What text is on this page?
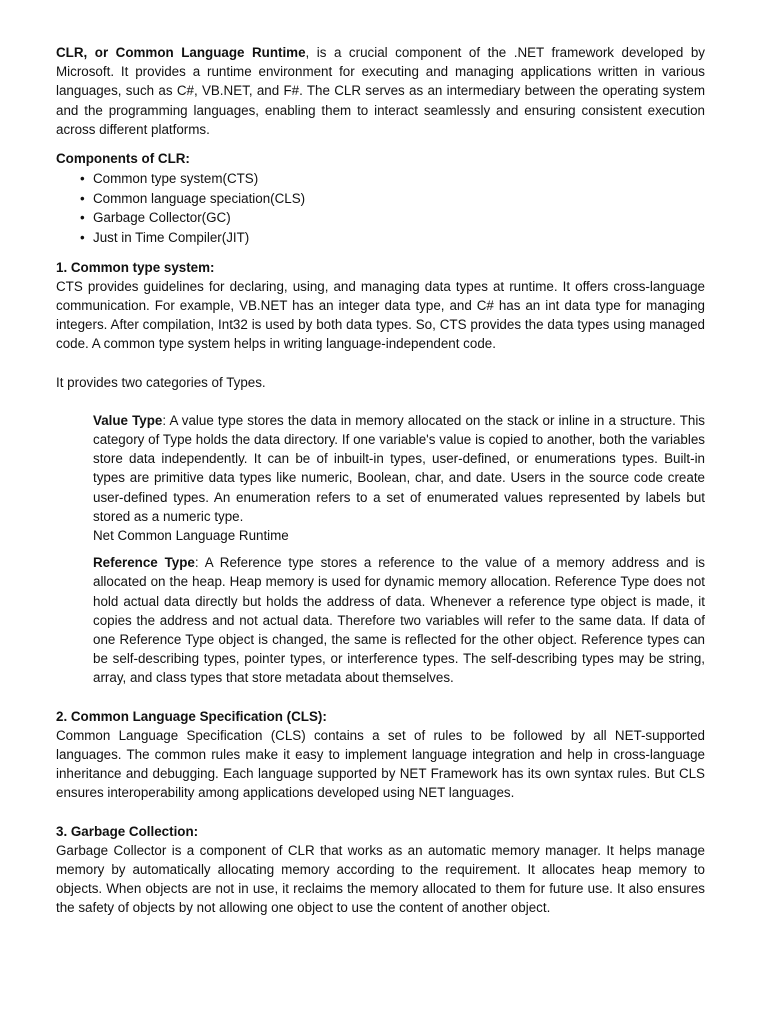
CLR, or Common Language Runtime, is a crucial component of the .NET framework developed by Microsoft. It provides a runtime environment for executing and managing applications written in various languages, such as C#, VB.NET, and F#. The CLR serves as an intermediary between the operating system and the programming languages, enabling them to interact seamlessly and ensuring consistent execution across different platforms.

Components of CLR:

• Common type system(CTS)
• Common language speciation(CLS)
• Garbage Collector(GC)
• Just in Time Compiler(JIT)

1. Common type system:

CTS provides guidelines for declaring, using, and managing data types at runtime. It offers cross-language communication. For example, VB.NET has an integer data type, and C# has an int data type for managing integers. After compilation, Int32 is used by both data types. So, CTS provides the data types using managed code. A common type system helps in writing language-independent code.

It provides two categories of Types.

Value Type: A value type stores the data in memory allocated on the stack or inline in a structure. This category of Type holds the data directory. If one variable's value is copied to another, both the variables store data independently. It can be of inbuilt-in types, user-defined, or enumerations types. Built-in types are primitive data types like numeric, Boolean, char, and date. Users in the source code create user-defined types. An enumeration refers to a set of enumerated values represented by labels but stored as a numeric type.

Net Common Language Runtime

Reference Type: A Reference type stores a reference to the value of a memory address and is allocated on the heap. Heap memory is used for dynamic memory allocation. Reference Type does not hold actual data directly but holds the address of data. Whenever a reference type object is made, it copies the address and not actual data. Therefore two variables will refer to the same data. If data of one Reference Type object is changed, the same is reflected for the other object. Reference types can be self-describing types, pointer types, or interference types. The self-describing types may be string, array, and class types that store metadata about themselves.

2. Common Language Specification (CLS):

Common Language Specification (CLS) contains a set of rules to be followed by all NET-supported languages. The common rules make it easy to implement language integration and help in cross-language inheritance and debugging. Each language supported by NET Framework has its own syntax rules. But CLS ensures interoperability among applications developed using NET languages.

3. Garbage Collection:

Garbage Collector is a component of CLR that works as an automatic memory manager. It helps manage memory by automatically allocating memory according to the requirement. It allocates heap memory to objects. When objects are not in use, it reclaims the memory allocated to them for future use. It also ensures the safety of objects by not allowing one object to use the content of another object.
